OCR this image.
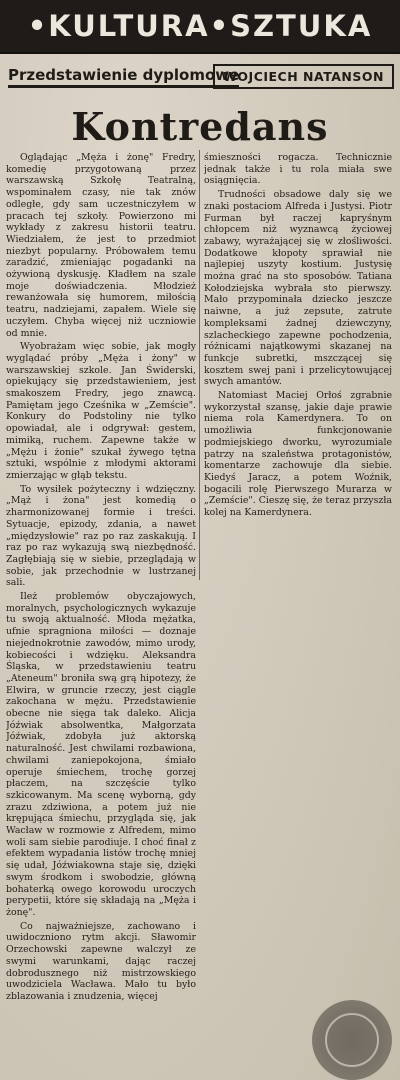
•KULTURA•SZTUKA
Przedstawienie dyplomowe
WOJCIECH NATANSON
Kontredans

Oglądając „Męża i żonę" Fredry, komedię przygotowaną przez warszawską Szkołę Teatralną, wspominałem czasy, nie tak znów odległe, gdy sam uczestniczyłem w pracach tej szkoły. Powierzono mi wykłady z zakresu historii teatru. Wiedziałem, że jest to przedmiot niezbyt popularny. Próbowałem temu zaradzić, zmieniając pogadanki na ożywioną dyskusję. Kładłem na szale moje doświadczenia. Młodzież rewanżowała się humorem, miłością teatru, nadziejami, zapałem. Wiele się uczyłem. Chyba więcej niż uczniowie od mnie.

Wyobrażam więc sobie, jak mogły wyglądać próby „Męża i żony" w warszawskiej szkole. Jan Świderski, opiekujący się przedstawieniem, jest smakoszem Fredry, jego znawcą. Pamiętam jego Cześnika w „Zemście". Konkury do Podstoliny nie tylko opowiadał, ale i odgrywał: gestem, mimiką, ruchem. Zapewne także w „Mężu i żonie" szukał żywego tętna sztuki, wspólnie z młodymi aktorami zmierzając w głąb tekstu.

To wysiłek pożyteczny i wdzięczny. „Mąż i żona" jest komedią o zharmonizowanej formie i treści. Sytuacje, epizody, zdania, a nawet „międzysłowie" raz po raz zaskakują. I raz po raz wykazują swą niezbędność. Zagłębiają się w siebie, przeglądają w sobie, jak przechodnie w lustrzanej sali.

Ileż problemów obyczajowych, moralnych, psychologicznych wykazuje tu swoją aktualność. Młoda mężatka, ufnie spragniona miłości — doznaje niejednokrotnie zawodów, mimo urody, kobiecości i wdzięku. Aleksandra Śląska, w przedstawieniu teatru „Ateneum" broniła swą grą hipotezy, że Elwira, w gruncie rzeczy, jest ciągle zakochana w mężu. Przedstawienie obecne nie sięga tak daleko. Alicja Jóźwiak absolwentka, Małgorzata Jóźwiak, zdobyła już aktorską naturalność. Jest chwilami rozbawiona, chwilami zaniepokojona, śmiało operuje śmiechem, trochę gorzej płaczem, na szczęście tylko szkicowanym. Ma scenę wyborną, gdy zrazu zdziwiona, a potem już nie krępująca śmiechu, przygląda się, jak Wacław w rozmowie z Alfredem, mimo woli sam siebie parodiuje. I choć finał z efektem wypadania listów trochę mniej się udał, Jóźwiakowna staje się, dzięki swym środkom i swobodzie, główną bohaterką owego korowodu uroczych perypetii, które się składają na „Męża i żonę".

Co najważniejsze, zachowano i uwidoczniono rytm akcji. Sławomir Orzechowski zapewne walczył ze swymi warunkami, dając raczej dobrodusznego niż mistrzowskiego uwodziciela Wacława. Mało tu było zblazowania i znudzenia, więcej

śmieszności rogacza. Technicznie jednak także i tu rola miała swe osiągnięcia.

Trudności obsadowe daly się we znaki postaciom Alfreda i Justysi. Piotr Furman był raczej kapryśnym chłopcem niż wyznawcą życiowej zabawy, wyrażającej się w złośliwości. Dodatkowe kłopoty sprawiał nie najlepiej uszyty kostium. Justysię można grać na sto sposobów. Tatiana Kołodziejska wybrała sto pierwszy. Mało przypominała dziecko jeszcze naiwne, a już zepsute, zatrute kompleksami żadnej dziewczyny, szlacheckiego zapewne pochodzenia, różnicami najątkowymi skazanej na funkcje subretki, mszczącej się kosztem swej pani i przelicytowującej swych amantów.

Natomiast Maciej Orłoś zgrabnie wykorzystał szansę, jakie daje prawie niema rola Kamerdynera. To on umożliwia funkcjonowanie podmiejskiego dworku, wyrozumiale patrzy na szaleństwa protagonistów, komentarze zachowuje dla siebie. Kiedyś Jaracz, a potem Woźnik, bogacili rolę Pierwszego Murarza w „Zemście". Cieszę się, że teraz przyszła kolej na Kamerdynera.
